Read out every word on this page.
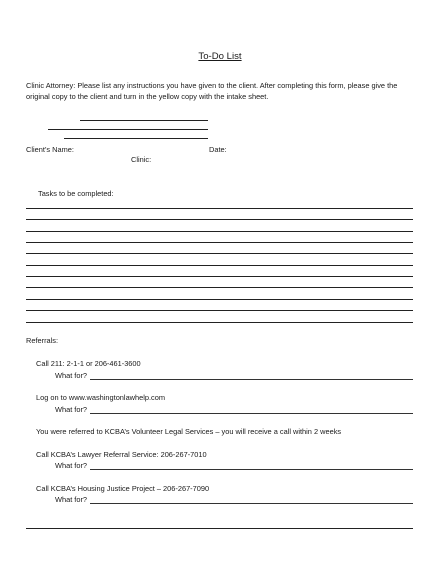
To-Do List
Clinic Attorney: Please list any instructions you have given to the client. After completing this form, please give the original copy to the client and turn in the yellow copy with the intake sheet.
Client’s Name:	Date:
Clinic:
Tasks to be completed:
Referrals:
Call 211: 2-1-1 or 206-461-3600
What for?
Log on to www.washingtonlawhelp.com
What for?
You were referred to KCBA’s Volunteer Legal Services – you will receive a call within 2 weeks
Call KCBA’s Lawyer Referral Service: 206-267-7010
What for?
Call KCBA’s Housing Justice Project – 206-267-7090
What for?
